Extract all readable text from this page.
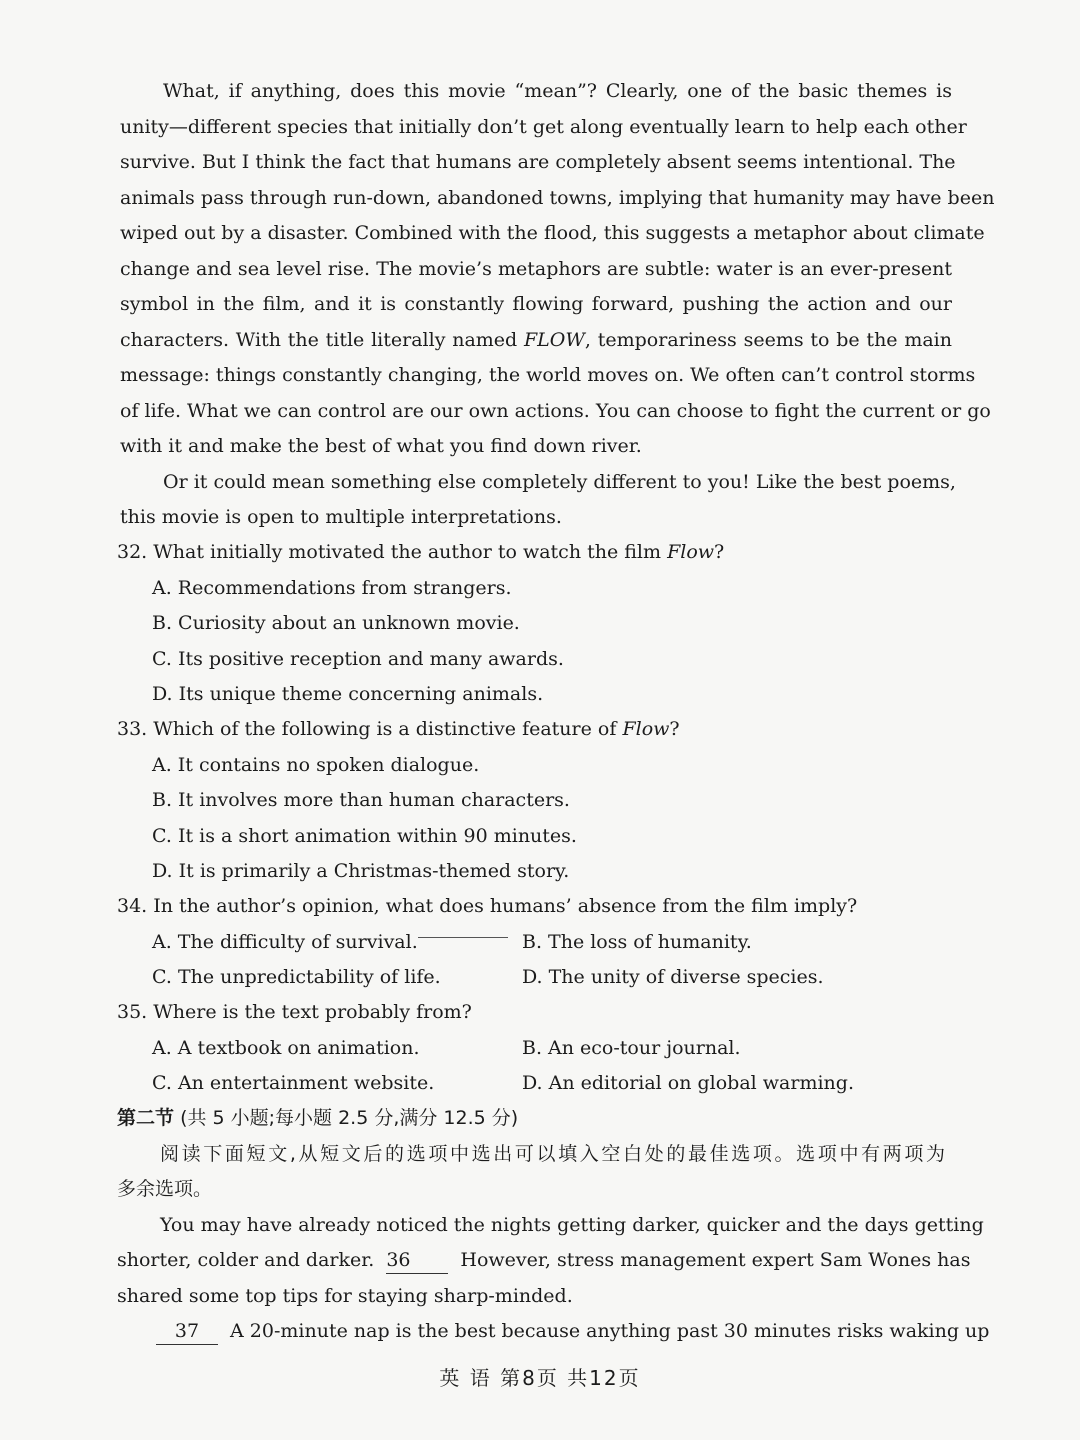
What, if anything, does this movie “mean”? Clearly, one of the basic themes is
unity—different species that initially don’t get along eventually learn to help each other
survive. But I think the fact that humans are completely absent seems intentional. The
animals pass through run-down, abandoned towns, implying that humanity may have been
wiped out by a disaster. Combined with the flood, this suggests a metaphor about climate
change and sea level rise. The movie’s metaphors are subtle: water is an ever-present
symbol in the film, and it is constantly flowing forward, pushing the action and our
characters. With the title literally named FLOW, temporariness seems to be the main
message: things constantly changing, the world moves on. We often can’t control storms
of life. What we can control are our own actions. You can choose to fight the current or go
with it and make the best of what you find down river.
Or it could mean something else completely different to you! Like the best poems,
this movie is open to multiple interpretations.
32. What initially motivated the author to watch the film Flow?
A. Recommendations from strangers.
B. Curiosity about an unknown movie.
C. Its positive reception and many awards.
D. Its unique theme concerning animals.
33. Which of the following is a distinctive feature of Flow?
A. It contains no spoken dialogue.
B. It involves more than human characters.
C. It is a short animation within 90 minutes.
D. It is primarily a Christmas-themed story.
34. In the author’s opinion, what does humans’ absence from the film imply?
A. The difficulty of survival.	B. The loss of humanity.
C. The unpredictability of life.	D. The unity of diverse species.
35. Where is the text probably from?
A. A textbook on animation.	B. An eco-tour journal.
C. An entertainment website.	D. An editorial on global warming.
第二节 (共 5 小题;每小题 2.5 分,满分 12.5 分)
阅读下面短文,从短文后的选项中选出可以填入空白处的最佳选项。选项中有两项为
多余选项。
You may have already noticed the nights getting darker, quicker and the days getting
shorter, colder and darker. 36	However, stress management expert Sam Wones has
shared some top tips for staying sharp-minded.
37 A 20-minute nap is the best because anything past 30 minutes risks waking up
英 语 第8页 共12页
